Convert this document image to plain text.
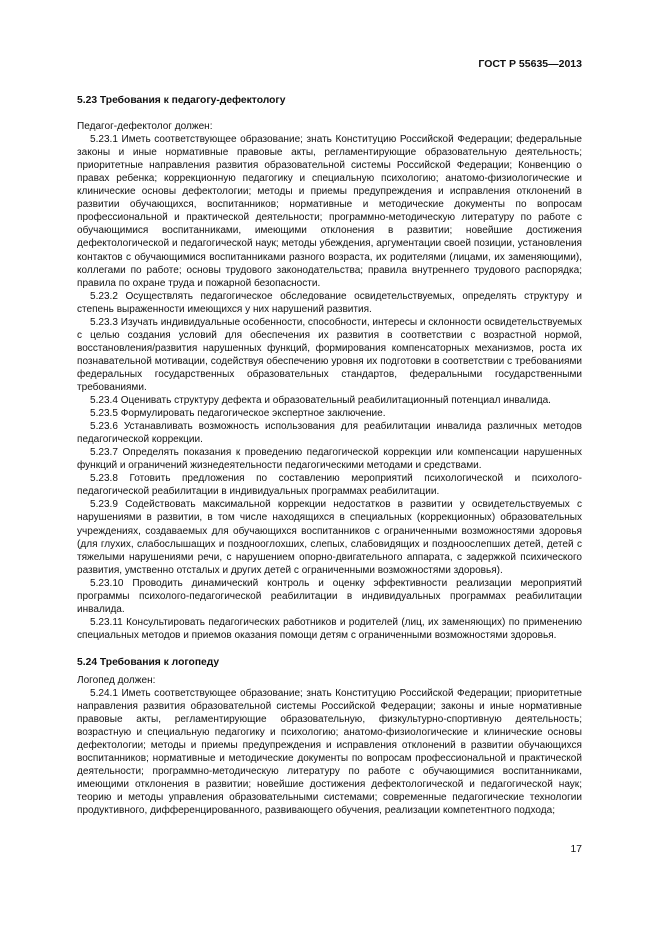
ГОСТ Р 55635—2013

5.23 Требования к педагогу-дефектологу

Педагог-дефектолог должен:

5.23.1 Иметь соответствующее образование; знать Конституцию Российской Федерации; федеральные законы и иные нормативные правовые акты, регламентирующие образовательную деятельность; приоритетные направления развития образовательной системы Российской Федерации; Конвенцию о правах ребенка; коррекционную педагогику и специальную психологию; анатомо-физиологические и клинические основы дефектологии; методы и приемы предупреждения и исправления отклонений в развитии обучающихся, воспитанников; нормативные и методические документы по вопросам профессиональной и практической деятельности; программно-методическую литературу по работе с обучающимися воспитанниками, имеющими отклонения в развитии; новейшие достижения дефектологической и педагогической наук; методы убеждения, аргументации своей позиции, установления контактов с обучающимися воспитанниками разного возраста, их родителями (лицами, их заменяющими), коллегами по работе; основы трудового законодательства; правила внутреннего трудового распорядка; правила по охране труда и пожарной безопасности.

5.23.2 Осуществлять педагогическое обследование освидетельствуемых, определять структуру и степень выраженности имеющихся у них нарушений развития.

5.23.3 Изучать индивидуальные особенности, способности, интересы и склонности освидетельствуемых с целью создания условий для обеспечения их развития в соответствии с возрастной нормой, восстановления/развития нарушенных функций, формирования компенсаторных механизмов, роста их познавательной мотивации, содействуя обеспечению уровня их подготовки в соответствии с требованиями федеральных государственных образовательных стандартов, федеральными государственными требованиями.

5.23.4 Оценивать структуру дефекта и образовательный реабилитационный потенциал инвалида.

5.23.5 Формулировать педагогическое экспертное заключение.

5.23.6 Устанавливать возможность использования для реабилитации инвалида различных методов педагогической коррекции.

5.23.7 Определять показания к проведению педагогической коррекции или компенсации нарушенных функций и ограничений жизнедеятельности педагогическими методами и средствами.

5.23.8 Готовить предложения по составлению мероприятий психологической и психолого-педагогической реабилитации в индивидуальных программах реабилитации.

5.23.9 Содействовать максимальной коррекции недостатков в развитии у освидетельствуемых с нарушениями в развитии, в том числе находящихся в специальных (коррекционных) образовательных учреждениях, создаваемых для обучающихся воспитанников с ограниченными возможностями здоровья (для глухих, слабослышащих и позднооглохших, слепых, слабовидящих и поздноослепших детей, детей с тяжелыми нарушениями речи, с нарушением опорно-двигательного аппарата, с задержкой психического развития, умственно отсталых и других детей с ограниченными возможностями здоровья).

5.23.10 Проводить динамический контроль и оценку эффективности реализации мероприятий программы психолого-педагогической реабилитации в индивидуальных программах реабилитации инвалида.

5.23.11 Консультировать педагогических работников и родителей (лиц, их заменяющих) по применению специальных методов и приемов оказания помощи детям с ограниченными возможностями здоровья.

5.24 Требования к логопеду

Логопед должен:

5.24.1 Иметь соответствующее образование; знать Конституцию Российской Федерации; приоритетные направления развития образовательной системы Российской Федерации; законы и иные нормативные правовые акты, регламентирующие образовательную, физкультурно-спортивную деятельность; возрастную и специальную педагогику и психологию; анатомо-физиологические и клинические основы дефектологии; методы и приемы предупреждения и исправления отклонений в развитии обучающихся воспитанников; нормативные и методические документы по вопросам профессиональной и практической деятельности; программно-методическую литературу по работе с обучающимися воспитанниками, имеющими отклонения в развитии; новейшие достижения дефектологической и педагогической наук; теорию и методы управления образовательными системами; современные педагогические технологии продуктивного, дифференцированного, развивающего обучения, реализации компетентного подхода;

17
